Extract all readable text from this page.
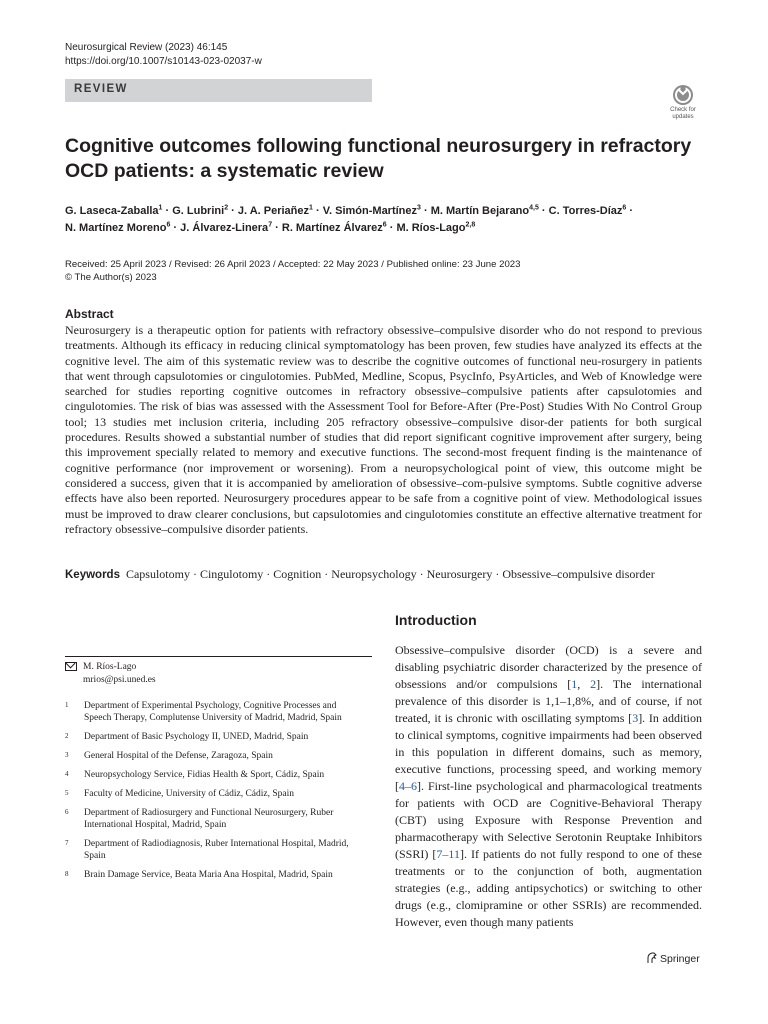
Neurosurgical Review (2023) 46:145
https://doi.org/10.1007/s10143-023-02037-w
REVIEW
Check for
updates
Cognitive outcomes following functional neurosurgery in refractory
OCD patients: a systematic review
G. Laseca-Zaballa$^1$ · G. Lubrini$^2$ · J. A. Periañez$^1$ · V. Simón-Martínez$^3$ · M. Martín Bejarano$^{4,5}$ · C. Torres-Díaz$^6$ ·
N. Martínez Moreno$^6$ · J. Álvarez-Linera$^7$ · R. Martínez Álvarez$^6$ · M. Ríos-Lago$^{2,8}$
Received: 25 April 2023 / Revised: 26 April 2023 / Accepted: 22 May 2023 / Published online: 23 June 2023
© The Author(s) 2023
Abstract

Neurosurgery is a therapeutic option for patients with refractory obsessive–compulsive disorder who do not respond to previous treatments. Although its efficacy in reducing clinical symptomatology has been proven, few studies have analyzed its effects at the cognitive level. The aim of this systematic review was to describe the cognitive outcomes of functional neu-rosurgery in patients that went through capsulotomies or cingulotomies. PubMed, Medline, Scopus, PsycInfo, PsyArticles, and Web of Knowledge were searched for studies reporting cognitive outcomes in refractory obsessive–compulsive patients after capsulotomies and cingulotomies. The risk of bias was assessed with the Assessment Tool for Before-After (Pre-Post) Studies With No Control Group tool; 13 studies met inclusion criteria, including 205 refractory obsessive–compulsive disor-der patients for both surgical procedures. Results showed a substantial number of studies that did report significant cognitive improvement after surgery, being this improvement specially related to memory and executive functions. The second-most frequent finding is the maintenance of cognitive performance (nor improvement or worsening). From a neuropsychological point of view, this outcome might be considered a success, given that it is accompanied by amelioration of obsessive–com-pulsive symptoms. Subtle cognitive adverse effects have also been reported. Neurosurgery procedures appear to be safe from a cognitive point of view. Methodological issues must be improved to draw clearer conclusions, but capsulotomies and cingulotomies constitute an effective alternative treatment for refractory obsessive–compulsive disorder patients.

Keywords Capsulotomy · Cingulotomy · Cognition · Neuropsychology · Neurosurgery · Obsessive–compulsive disorder
Introduction

Obsessive–compulsive disorder (OCD) is a severe and disabling psychiatric disorder characterized by the presence of obsessions and/or compulsions [1, 2]. The international prevalence of this disorder is 1,1–1,8%, and of course, if not treated, it is chronic with oscillating symptoms [3]. In addition to clinical symptoms, cognitive impairments had been observed in this population in different domains, such as memory, executive functions, processing speed, and working memory [4–6]. First-line psychological and pharmacological treatments for patients with OCD are Cognitive-Behavioral Therapy (CBT) using Exposure with Response Prevention and pharmacotherapy with Selective Serotonin Reuptake Inhibitors (SSRI) [7–11]. If patients do not fully respond to one of these treatments or to the conjunction of both, augmentation strategies (e.g., adding antipsychotics) or switching to other drugs (e.g., clomipramine or other SSRIs) are recommended. However, even though many patients

M. Ríos-Lago
mrios@psi.uned.es
1	Department of Experimental Psychology, Cognitive Processes and Speech Therapy, Complutense University of Madrid, Madrid, Spain
2	Department of Basic Psychology II, UNED, Madrid, Spain
3	General Hospital of the Defense, Zaragoza, Spain
4	Neuropsychology Service, Fidias Health & Sport, Cádiz, Spain
5	Faculty of Medicine, University of Cádiz, Cádiz, Spain
6	Department of Radiosurgery and Functional Neurosurgery, Ruber International Hospital, Madrid, Spain
7	Department of Radiodiagnosis, Ruber International Hospital, Madrid, Spain
8	Brain Damage Service, Beata Maria Ana Hospital, Madrid, Spain
Springer
